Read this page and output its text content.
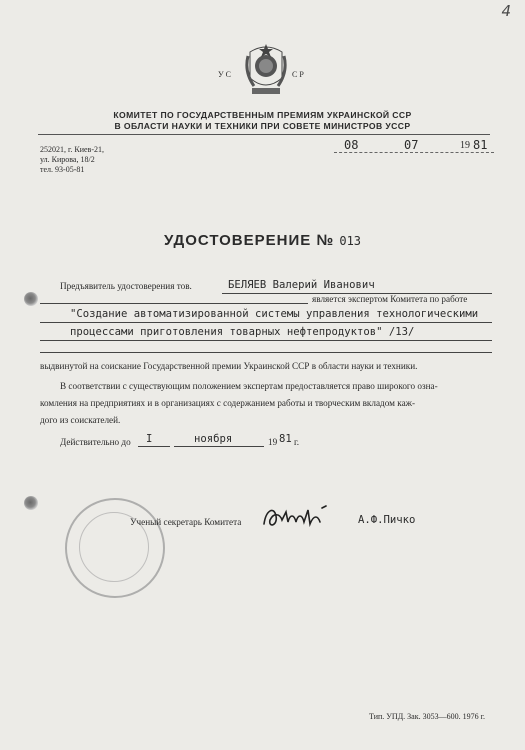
4
УС	СР
КОМИТЕТ ПО ГОСУДАРСТВЕННЫМ ПРЕМИЯМ УКРАИНСКОЙ ССР
В ОБЛАСТИ НАУКИ И ТЕХНИКИ ПРИ СОВЕТЕ МИНИСТРОВ УССР
252021, г. Киев-21,
ул. Кирова, 18/2
тел. 93-05-81
08	07	19 81
УДОСТОВЕРЕНИЕ № 013
Предъявитель удостоверения тов.	БЕЛЯЕВ Валерий Иванович
является экспертом Комитета по работе
"Создание автоматизированной системы управления технологическими
процессами приготовления товарных нефтепродуктов" /13/
выдвинутой на соискание Государственной премии Украинской ССР в области науки и техники.
В соответствии с существующим положением экспертам предоставляется право широкого озна-
комления на предприятиях и в организациях с содержанием работы и творческим вкладом каж-
дого из соискателей.
Действительно до I	ноября	19 81 г.
Ученый секретарь Комитета	А.Ф.Пичко
Тип. УПД. Зак. 3053—600. 1976 г.
